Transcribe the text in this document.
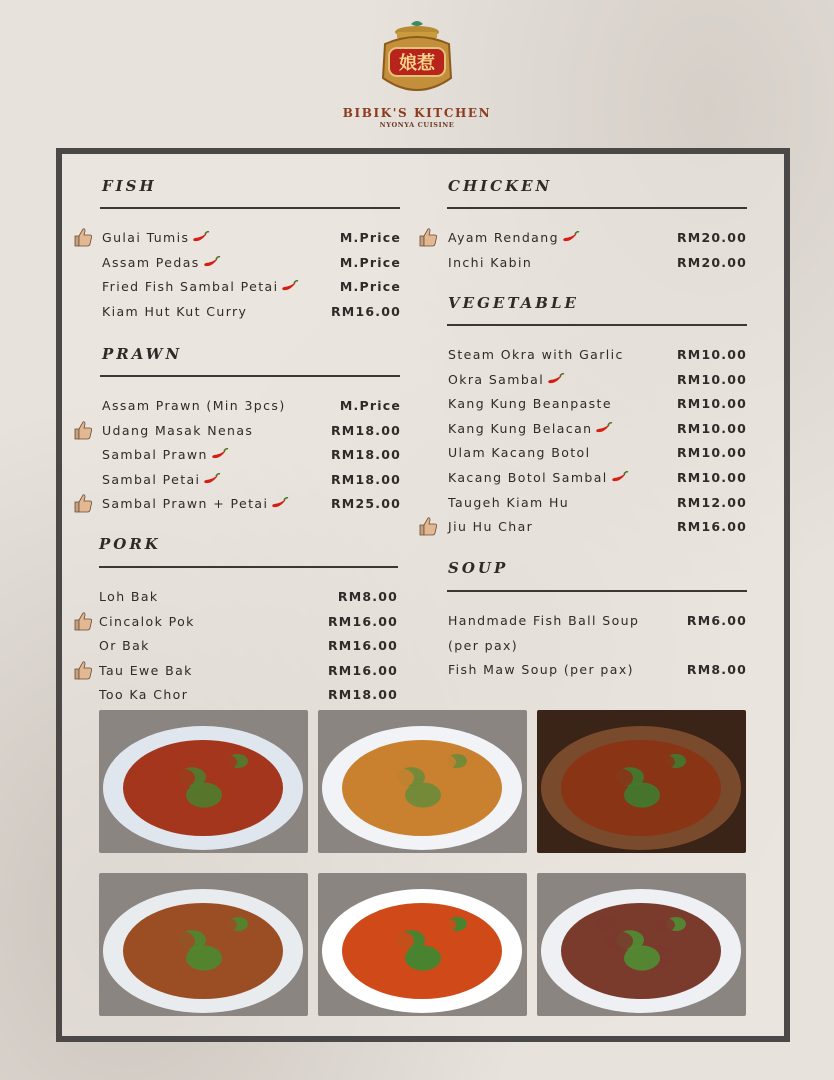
娘惹
BIBIK'S KITCHEN
NYONYA CUISINE
FISH
Gulai Tumis	M.Price
Assam Pedas	M.Price
Fried Fish Sambal Petai	M.Price
Kiam Hut Kut Curry	RM16.00
PRAWN
Assam Prawn (Min 3pcs)	M.Price
Udang Masak Nenas	RM18.00
Sambal Prawn	RM18.00
Sambal Petai	RM18.00
Sambal Prawn + Petai	RM25.00
PORK
Loh Bak	RM8.00
Cincalok Pok	RM16.00
Or Bak	RM16.00
Tau Ewe Bak	RM16.00
Too Ka Chor	RM18.00
CHICKEN
Ayam Rendang	RM20.00
Inchi Kabin	RM20.00
VEGETABLE
Steam Okra with Garlic	RM10.00
Okra Sambal	RM10.00
Kang Kung Beanpaste	RM10.00
Kang Kung Belacan	RM10.00
Ulam Kacang Botol	RM10.00
Kacang Botol Sambal	RM10.00
Taugeh Kiam Hu	RM12.00
Jiu Hu Char	RM16.00
SOUP
Handmade Fish Ball Soup	RM6.00
(per pax)
Fish Maw Soup (per pax)	RM8.00
